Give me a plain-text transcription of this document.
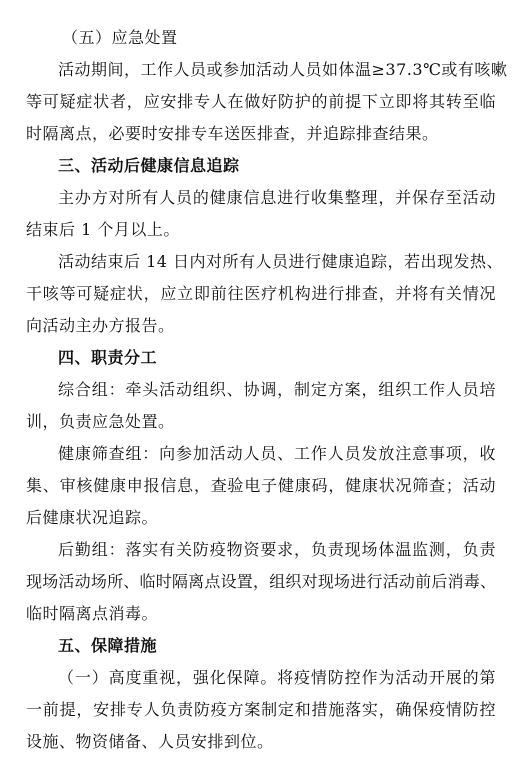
（五）应急处置
活动期间，工作人员或参加活动人员如体温≥37.3℃或有咳嗽
等可疑症状者，应安排专人在做好防护的前提下立即将其转至临
时隔离点，必要时安排专车送医排查，并追踪排查结果。
三、活动后健康信息追踪
主办方对所有人员的健康信息进行收集整理，并保存至活动
结束后 1 个月以上。
活动结束后 14 日内对所有人员进行健康追踪，若出现发热、
干咳等可疑症状，应立即前往医疗机构进行排查，并将有关情况
向活动主办方报告。
四、职责分工
综合组：牵头活动组织、协调，制定方案，组织工作人员培
训，负责应急处置。
健康筛查组：向参加活动人员、工作人员发放注意事项，收
集、审核健康申报信息，查验电子健康码，健康状况筛查；活动
后健康状况追踪。
后勤组：落实有关防疫物资要求，负责现场体温监测，负责
现场活动场所、临时隔离点设置，组织对现场进行活动前后消毒、
临时隔离点消毒。
五、保障措施
（一）高度重视，强化保障。将疫情防控作为活动开展的第
一前提，安排专人负责防疫方案制定和措施落实，确保疫情防控
设施、物资储备、人员安排到位。
